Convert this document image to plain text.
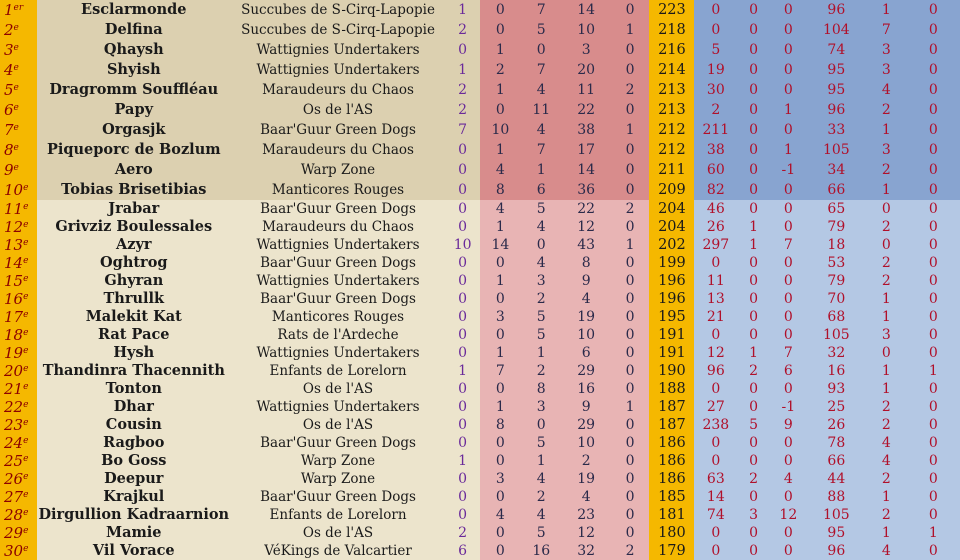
1er	Esclarmonde	Succubes de S-Cirq-Lapopie	1	0	7	14	0	223	0	0	0	96	1	0
2e	Delfina	Succubes de S-Cirq-Lapopie	2	0	5	10	1	218	0	0	0	104	7	0
3e	Qhaysh	Wattignies Undertakers	0	1	0	3	0	216	5	0	0	74	3	0
4e	Shyish	Wattignies Undertakers	1	2	7	20	0	214	19	0	0	95	3	0
5e	Dragromm Souffléau	Maraudeurs du Chaos	2	1	4	11	2	213	30	0	0	95	4	0
6e	Papy	Os de l'AS	2	0	11	22	0	213	2	0	1	96	2	0
7e	Orgasjk	Baar'Guur Green Dogs	7	10	4	38	1	212	211	0	0	33	1	0
8e	Piqueporc de Bozlum	Maraudeurs du Chaos	0	1	7	17	0	212	38	0	1	105	3	0
9e	Aero	Warp Zone	0	4	1	14	0	211	60	0	-1	34	2	0
10e	Tobias Brisetibias	Manticores Rouges	0	8	6	36	0	209	82	0	0	66	1	0
11e	Jrabar	Baar'Guur Green Dogs	0	4	5	22	2	204	46	0	0	65	0	0
12e	Grivziz Boulessales	Maraudeurs du Chaos	0	1	4	12	0	204	26	1	0	79	2	0
13e	Azyr	Wattignies Undertakers	10	14	0	43	1	202	297	1	7	18	0	0
14e	Oghtrog	Baar'Guur Green Dogs	0	0	4	8	0	199	0	0	0	53	2	0
15e	Ghyran	Wattignies Undertakers	0	1	3	9	0	196	11	0	0	79	2	0
16e	Thrullk	Baar'Guur Green Dogs	0	0	2	4	0	196	13	0	0	70	1	0
17e	Malekit Kat	Manticores Rouges	0	3	5	19	0	195	21	0	0	68	1	0
18e	Rat Pace	Rats de l'Ardeche	0	0	5	10	0	191	0	0	0	105	3	0
19e	Hysh	Wattignies Undertakers	0	1	1	6	0	191	12	1	7	32	0	0
20e	Thandinra Thacennith	Enfants de Lorelorn	1	7	2	29	0	190	96	2	6	16	1	1
21e	Tonton	Os de l'AS	0	0	8	16	0	188	0	0	0	93	1	0
22e	Dhar	Wattignies Undertakers	0	1	3	9	1	187	27	0	-1	25	2	0
23e	Cousin	Os de l'AS	0	8	0	29	0	187	238	5	9	26	2	0
24e	Ragboo	Baar'Guur Green Dogs	0	0	5	10	0	186	0	0	0	78	4	0
25e	Bo Goss	Warp Zone	1	0	1	2	0	186	0	0	0	66	4	0
26e	Deepur	Warp Zone	0	3	4	19	0	186	63	2	4	44	2	0
27e	Krajkul	Baar'Guur Green Dogs	0	0	2	4	0	185	14	0	0	88	1	0
28e	Dirgullion Kadraarnion	Enfants de Lorelorn	0	4	4	23	0	181	74	3	12	105	2	0
29e	Mamie	Os de l'AS	2	0	5	12	0	180	0	0	0	95	1	1
30e	Vil Vorace	VéKings de Valcartier	6	0	16	32	2	179	0	0	0	96	4	0
